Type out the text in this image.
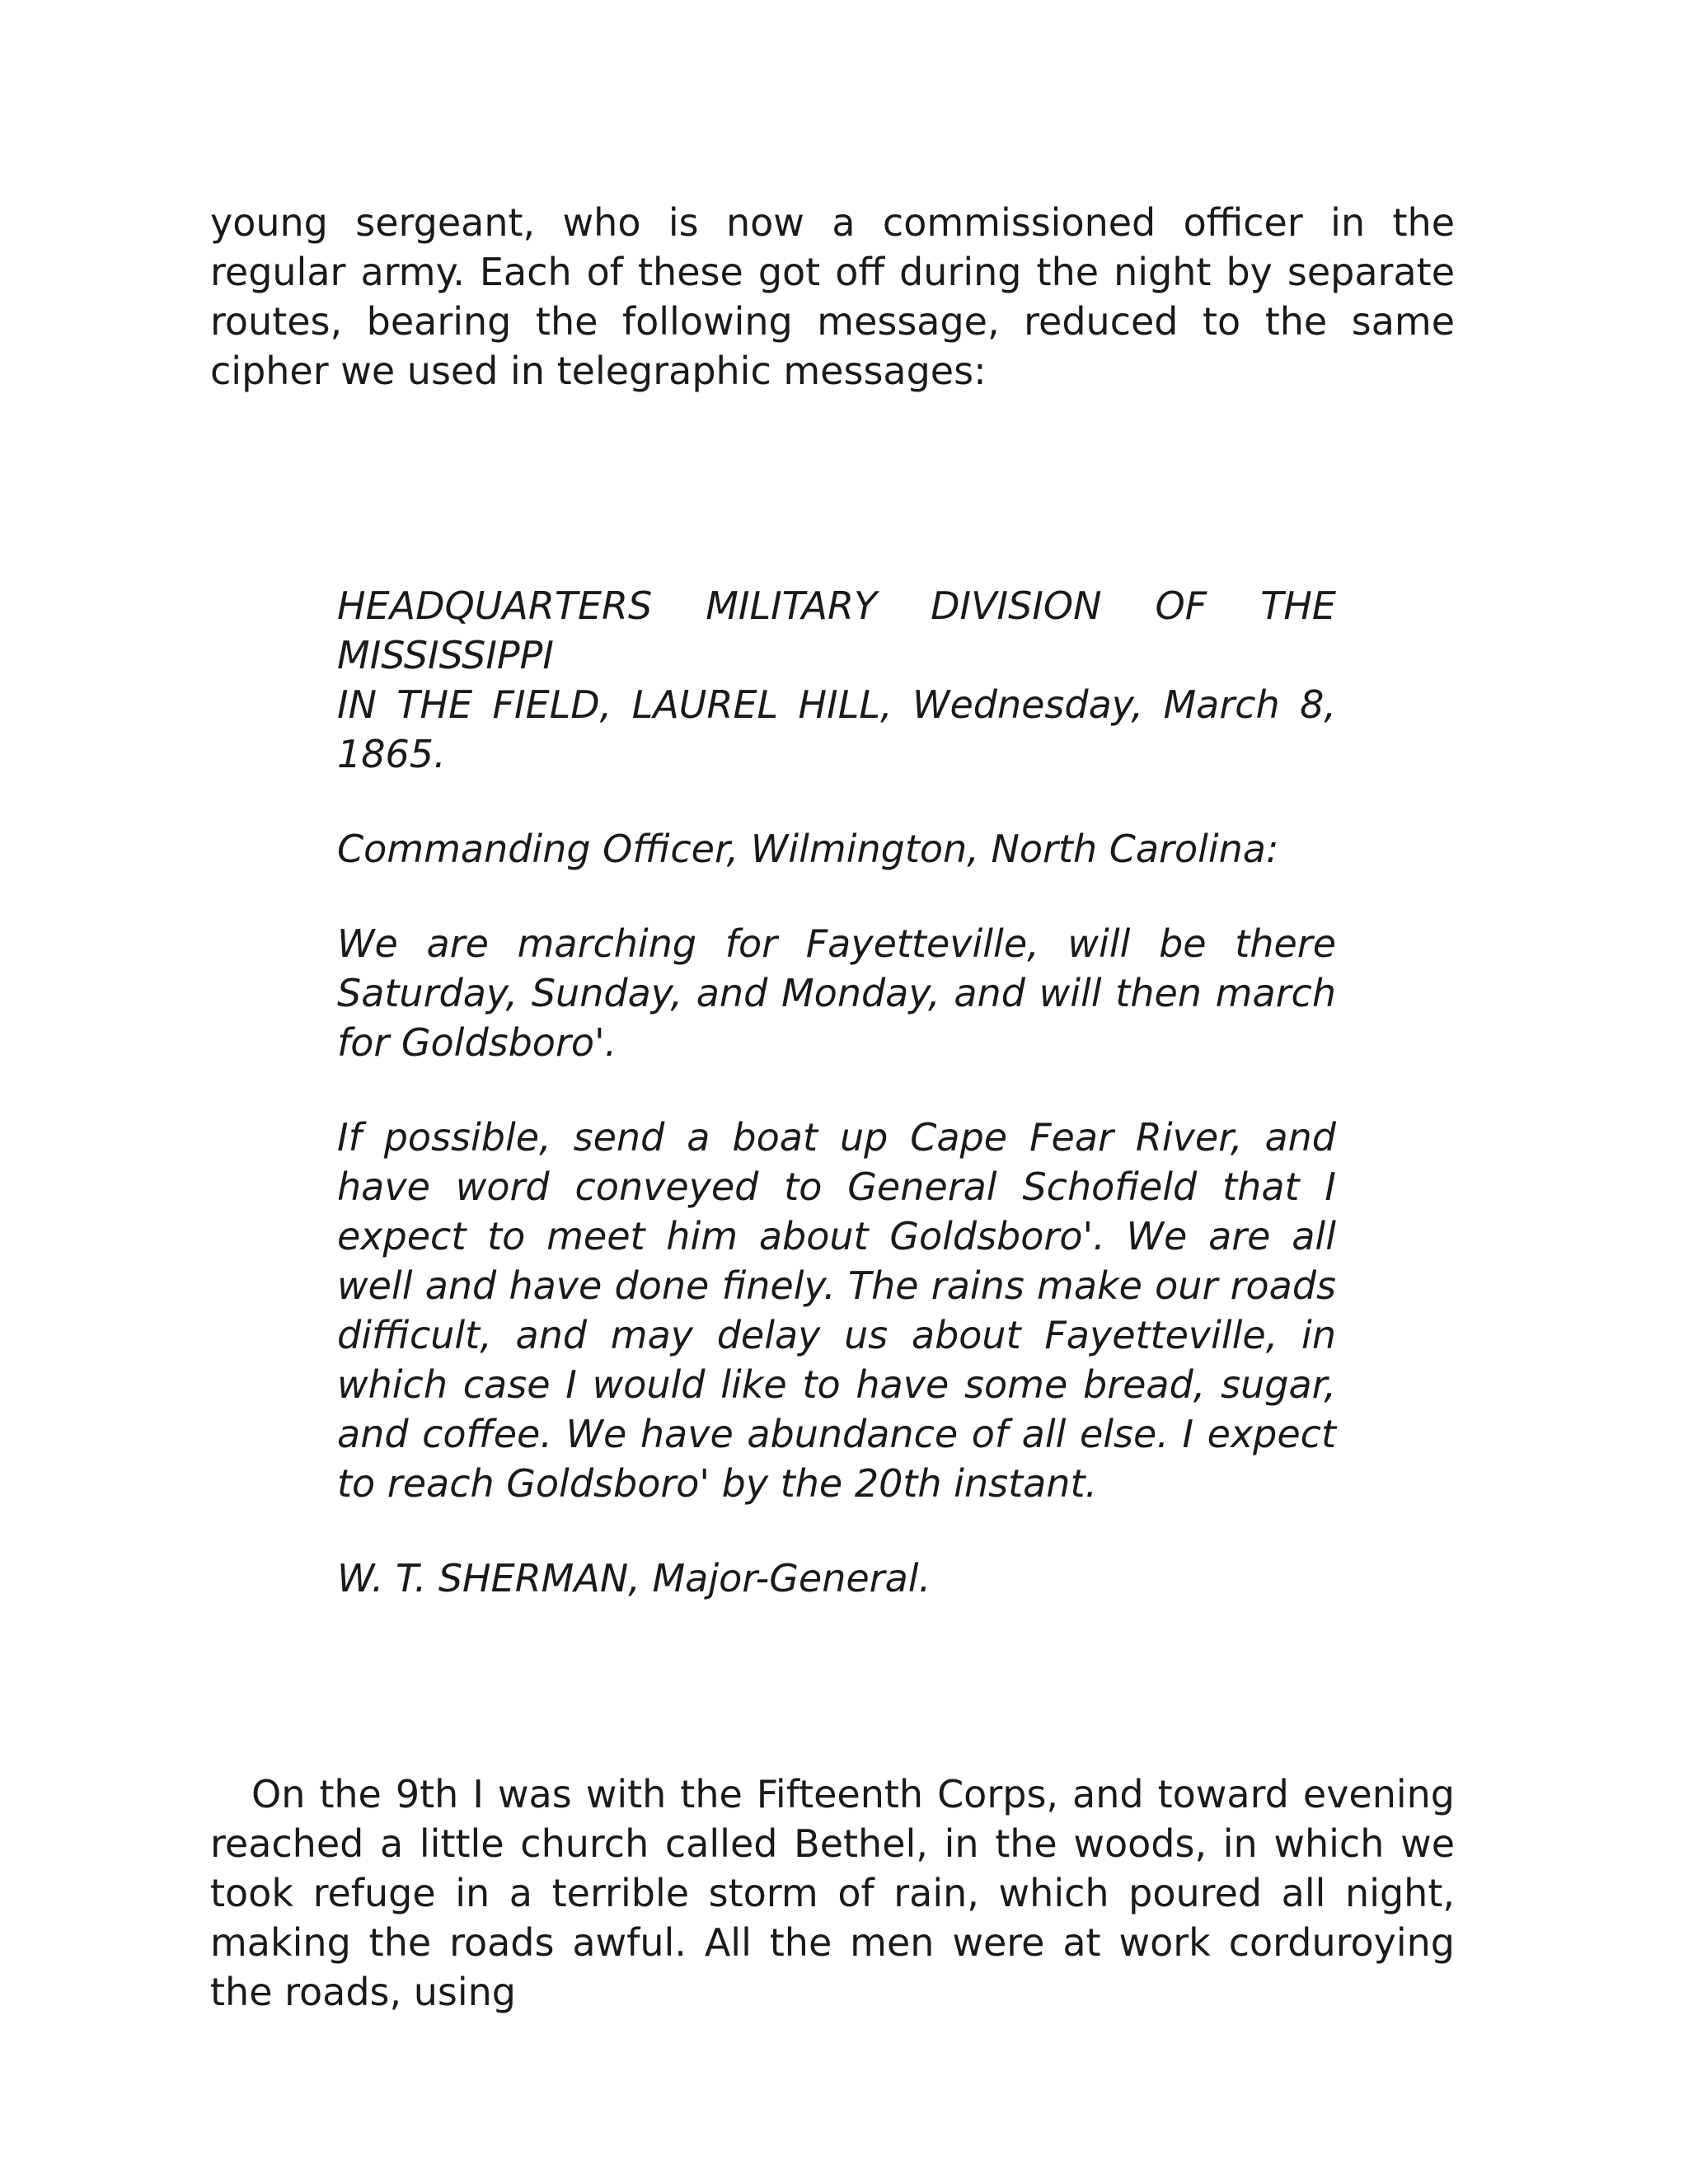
young sergeant, who is now a commissioned officer in the regular army. Each of these got off during the night by separate routes, bearing the following message, reduced to the same cipher we used in telegraphic messages:

HEADQUARTERS MILITARY DIVISION OF THE MISSISSIPPI

IN THE FIELD, LAUREL HILL, Wednesday, March 8, 1865.

Commanding Officer, Wilmington, North Carolina:

We are marching for Fayetteville, will be there Saturday, Sunday, and Monday, and will then march for Goldsboro'.

If possible, send a boat up Cape Fear River, and have word conveyed to General Schofield that I expect to meet him about Goldsboro'. We are all well and have done finely. The rains make our roads difficult, and may delay us about Fayetteville, in which case I would like to have some bread, sugar, and coffee. We have abundance of all else. I expect to reach Goldsboro' by the 20th instant.

W. T. SHERMAN, Major-General.

On the 9th I was with the Fifteenth Corps, and toward evening reached a little church called Bethel, in the woods, in which we took refuge in a terrible storm of rain, which poured all night, making the roads awful. All the men were at work corduroying the roads, using
